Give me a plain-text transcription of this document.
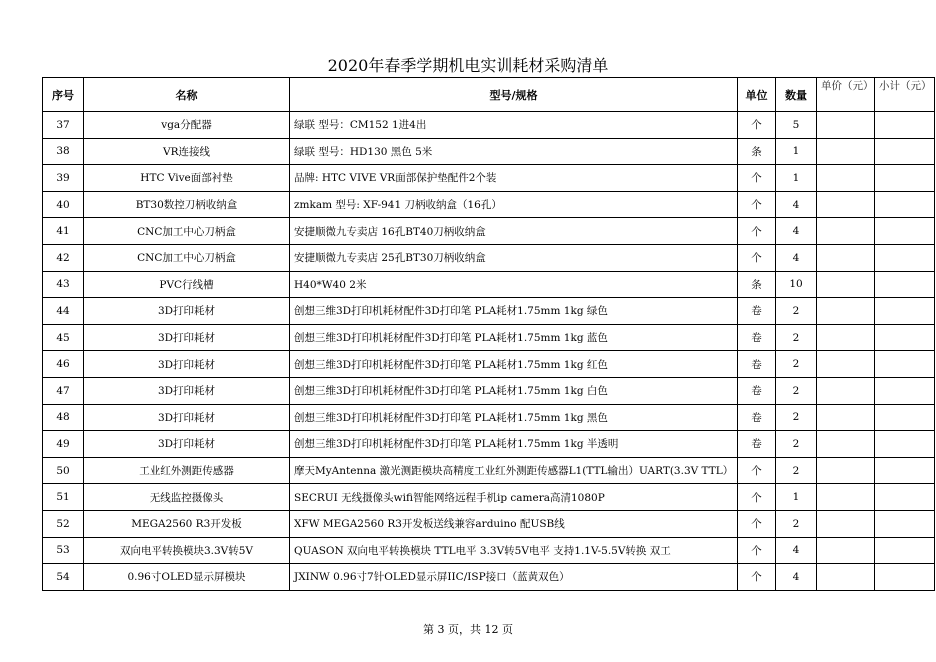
2020年春季学期机电实训耗材采购清单
序号	名称	型号/规格	单位	数量	单价（元）	小计（元）
37	vga分配器	绿联 型号：CM152 1进4出	个	5		
38	VR连接线	绿联 型号：HD130 黑色 5米	条	1		
39	HTC Vive面部衬垫	品牌: HTC VIVE VR面部保护垫配件2个装	个	1		
40	BT30数控刀柄收纳盒	zmkam 型号: XF-941 刀柄收纳盒（16孔）	个	4		
41	CNC加工中心刀柄盒	安捷顺微九专卖店 16孔BT40刀柄收纳盒	个	4		
42	CNC加工中心刀柄盒	安捷顺微九专卖店 25孔BT30刀柄收纳盒	个	4		
43	PVC行线槽	H40*W40 2米	条	10		
44	3D打印耗材	创想三维3D打印机耗材配件3D打印笔 PLA耗材1.75mm 1kg 绿色	卷	2		
45	3D打印耗材	创想三维3D打印机耗材配件3D打印笔 PLA耗材1.75mm 1kg 蓝色	卷	2		
46	3D打印耗材	创想三维3D打印机耗材配件3D打印笔 PLA耗材1.75mm 1kg 红色	卷	2		
47	3D打印耗材	创想三维3D打印机耗材配件3D打印笔 PLA耗材1.75mm 1kg 白色	卷	2		
48	3D打印耗材	创想三维3D打印机耗材配件3D打印笔 PLA耗材1.75mm 1kg 黑色	卷	2		
49	3D打印耗材	创想三维3D打印机耗材配件3D打印笔 PLA耗材1.75mm 1kg 半透明	卷	2		
50	工业红外测距传感器	摩天MyAntenna 激光测距模块高精度工业红外测距传感器L1(TTL输出）UART(3.3V TTL）	个	2		
51	无线监控摄像头	SECRUI 无线摄像头wifi智能网络远程手机ip camera高清1080P	个	1		
52	MEGA2560 R3开发板	XFW MEGA2560 R3开发板送线兼容arduino 配USB线	个	2		
53	双向电平转换模块3.3V转5V	QUASON 双向电平转换模块 TTL电平 3.3V转5V电平 支持1.1V-5.5V转换 双工	个	4		
54	0.96寸OLED显示屏模块	JXINW 0.96寸7针OLED显示屏IIC/ISP接口（蓝黄双色）	个	4		
第 3 页，共 12 页
